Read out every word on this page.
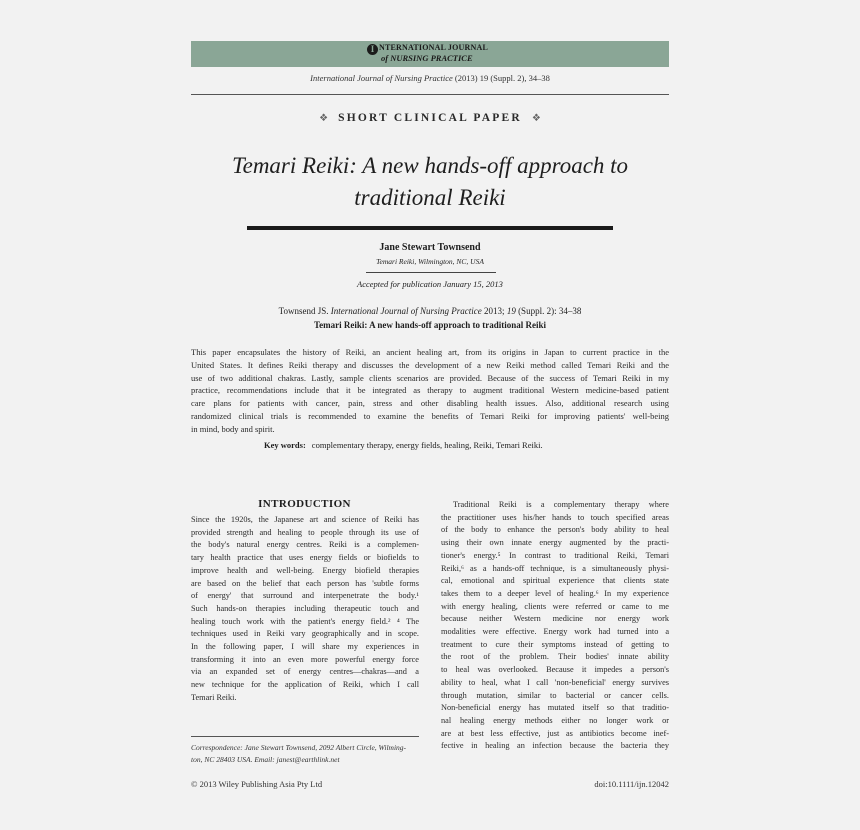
I NTERNATIONAL JOURNAL
of NURSING PRACTICE
International Journal of Nursing Practice (2013) 19 (Suppl. 2), 34–38
❖ SHORT CLINICAL PAPER ❖
Temari Reiki: A new hands-off approach to
traditional Reiki
Jane Stewart Townsend
Temari Reiki, Wilmington, NC, USA
Accepted for publication January 15, 2013
Townsend JS. International Journal of Nursing Practice 2013; 19 (Suppl. 2): 34–38
Temari Reiki: A new hands-off approach to traditional Reiki
This paper encapsulates the history of Reiki, an ancient healing art, from its origins in Japan to current practice in the
United States. It defines Reiki therapy and discusses the development of a new Reiki method called Temari Reiki and the
use of two additional chakras. Lastly, sample clients scenarios are provided. Because of the success of Temari Reiki in my
practice, recommendations include that it be integrated as therapy to augment traditional Western medicine-based patient
care plans for patients with cancer, pain, stress and other disabling health issues. Also, additional research using
randomized clinical trials is recommended to examine the benefits of Temari Reiki for improving patients' well-being
in mind, body and spirit.
Key words: complementary therapy, energy fields, healing, Reiki, Temari Reiki.
INTRODUCTION
Since the 1920s, the Japanese art and science of Reiki has
provided strength and healing to people through its use of
the body's natural energy centres. Reiki is a complemen-
tary health practice that uses energy fields or biofields to
improve health and well-being. Energy biofield therapies
are based on the belief that each person has 'subtle forms
of energy' that surround and interpenetrate the body.¹
Such hands-on therapies including therapeutic touch and
healing touch work with the patient's energy field.² ⁴ The
techniques used in Reiki vary geographically and in scope.
In the following paper, I will share my experiences in
transforming it into an even more powerful energy force
via an expanded set of energy centres—chakras—and a
new technique for the application of Reiki, which I call
Temari Reiki.
Traditional Reiki is a complementary therapy where
the practitioner uses his/her hands to touch specified areas
of the body to enhance the person's body ability to heal
using their own innate energy augmented by the practi-
tioner's energy.⁵ In contrast to traditional Reiki, Temari
Reiki,⁶ as a hands-off technique, is a simultaneously physi-
cal, emotional and spiritual experience that clients state
takes them to a deeper level of healing.⁶ In my experience
with energy healing, clients were referred or came to me
because neither Western medicine nor energy work
modalities were effective. Energy work had turned into a
treatment to cure their symptoms instead of getting to
the root of the problem. Their bodies' innate ability
to heal was overlooked. Because it impedes a person's
ability to heal, what I call 'non-beneficial' energy survives
through mutation, similar to bacterial or cancer cells.
Non-beneficial energy has mutated itself so that traditio-
nal healing energy methods either no longer work or
are at best less effective, just as antibiotics become inef-
fective in healing an infection because the bacteria they
Correspondence: Jane Stewart Townsend, 2092 Albert Circle, Wilming-
ton, NC 28403 USA. Email: janest@earthlink.net
© 2013 Wiley Publishing Asia Pty Ltd	doi:10.1111/ijn.12042
